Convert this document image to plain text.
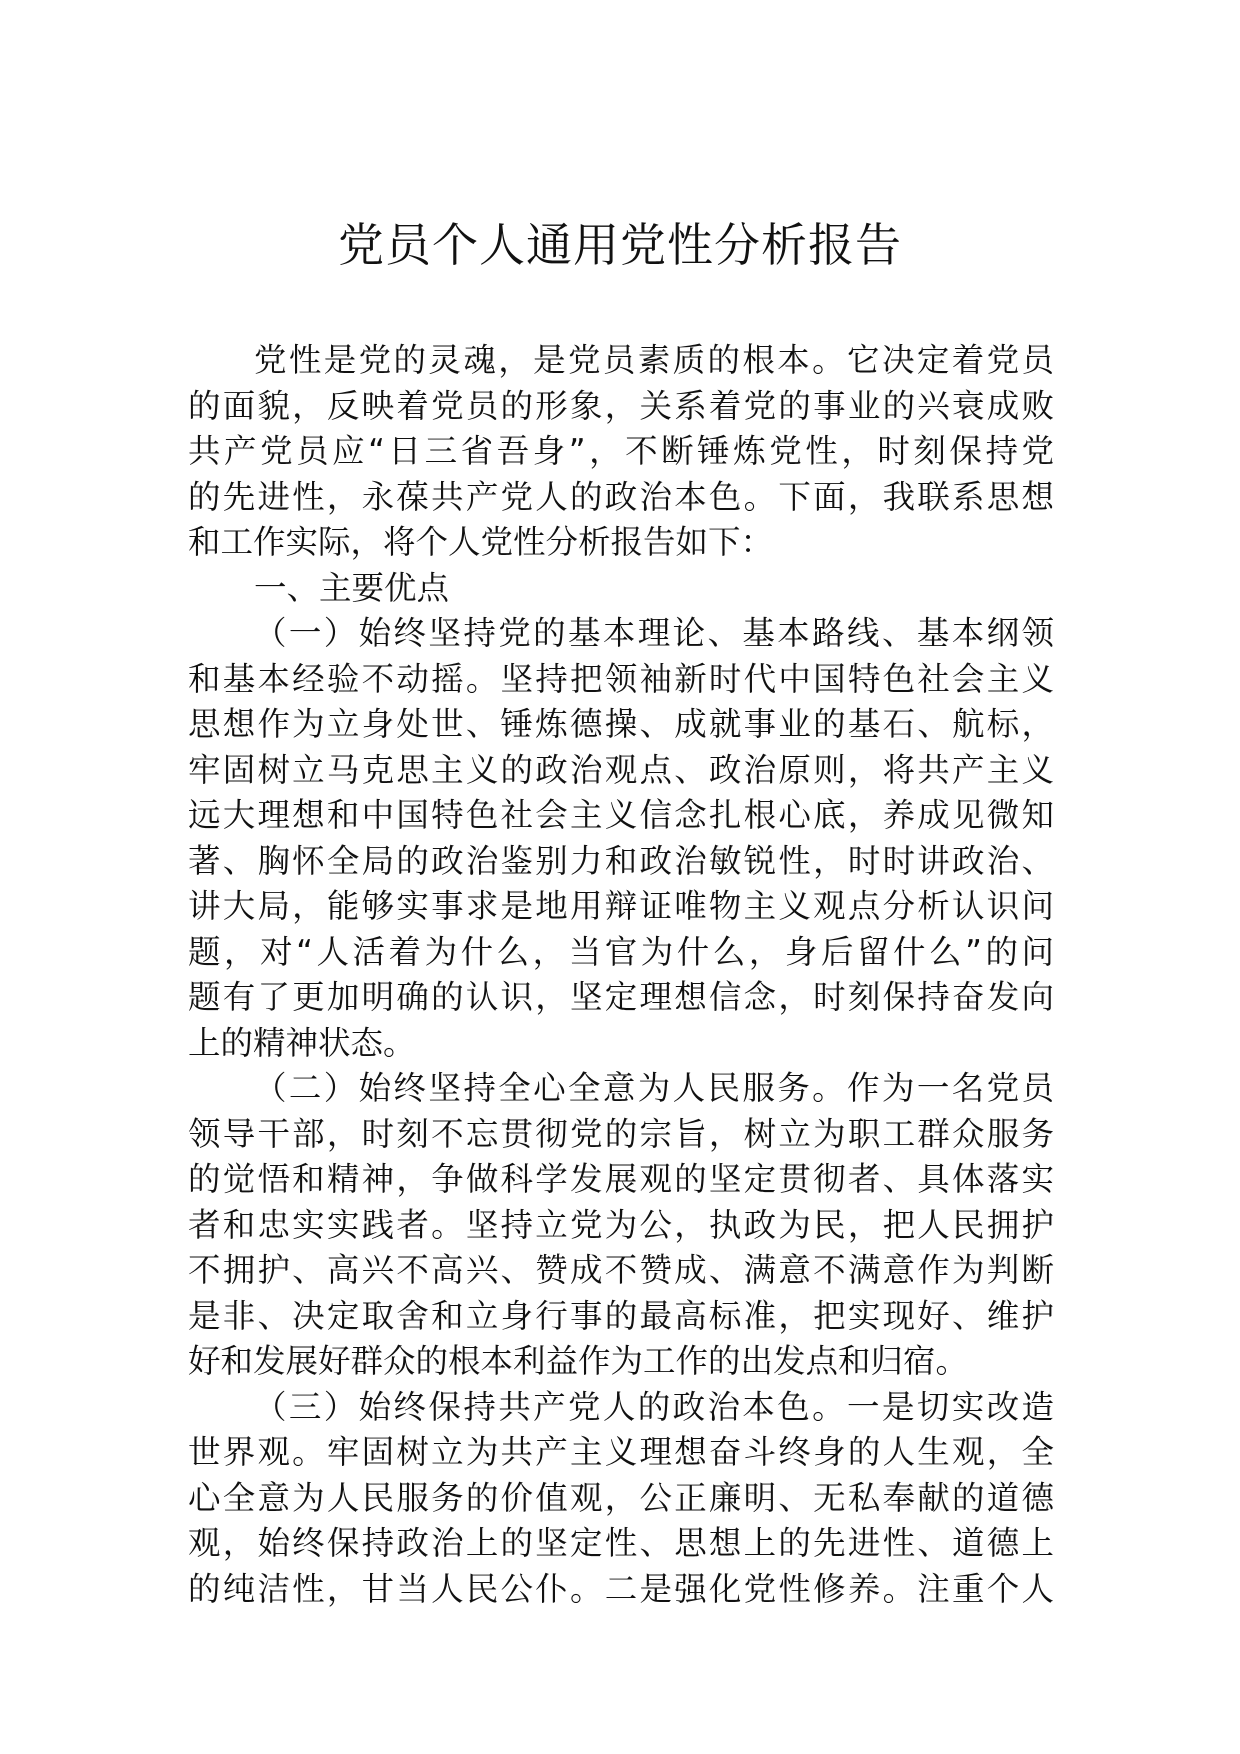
党员个人通用党性分析报告
党性是党的灵魂，是党员素质的根本。它决定着党员
的面貌，反映着党员的形象，关系着党的事业的兴衰成败
共产党员应“日三省吾身”，不断锤炼党性，时刻保持党
的先进性，永葆共产党人的政治本色。下面，我联系思想
和工作实际，将个人党性分析报告如下：
一、主要优点
（一）始终坚持党的基本理论、基本路线、基本纲领
和基本经验不动摇。坚持把领袖新时代中国特色社会主义
思想作为立身处世、锤炼德操、成就事业的基石、航标，
牢固树立马克思主义的政治观点、政治原则，将共产主义
远大理想和中国特色社会主义信念扎根心底，养成见微知
著、胸怀全局的政治鉴别力和政治敏锐性，时时讲政治、
讲大局，能够实事求是地用辩证唯物主义观点分析认识问
题，对“人活着为什么，当官为什么，身后留什么”的问
题有了更加明确的认识，坚定理想信念，时刻保持奋发向
上的精神状态。
（二）始终坚持全心全意为人民服务。作为一名党员
领导干部，时刻不忘贯彻党的宗旨，树立为职工群众服务
的觉悟和精神，争做科学发展观的坚定贯彻者、具体落实
者和忠实实践者。坚持立党为公，执政为民，把人民拥护
不拥护、高兴不高兴、赞成不赞成、满意不满意作为判断
是非、决定取舍和立身行事的最高标准，把实现好、维护
好和发展好群众的根本利益作为工作的出发点和归宿。
（三）始终保持共产党人的政治本色。一是切实改造
世界观。牢固树立为共产主义理想奋斗终身的人生观，全
心全意为人民服务的价值观，公正廉明、无私奉献的道德
观，始终保持政治上的坚定性、思想上的先进性、道德上
的纯洁性，甘当人民公仆。二是强化党性修养。注重个人
